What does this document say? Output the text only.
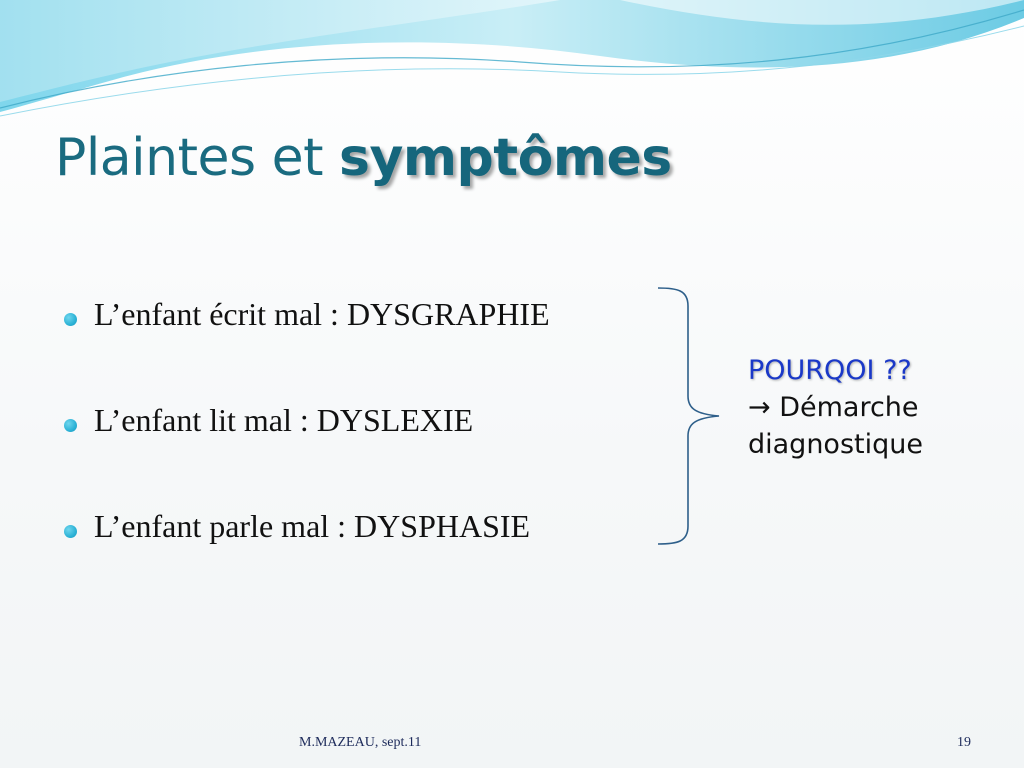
Plaintes et symptômes
L’enfant écrit mal : DYSGRAPHIE
L’enfant lit mal : DYSLEXIE
L’enfant parle mal : DYSPHASIE
POURQOI ??
→ Démarche
diagnostique
M.MAZEAU, sept.11	19
